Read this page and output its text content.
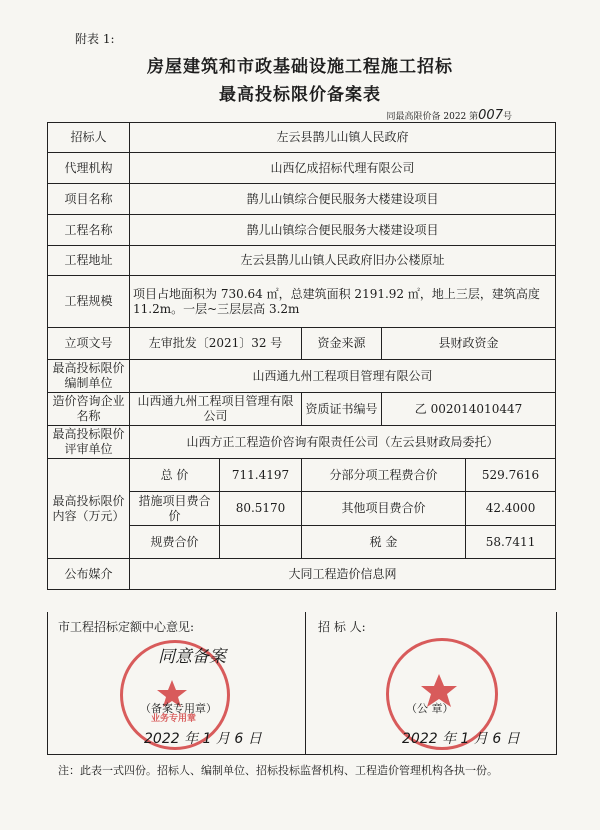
附表 1:
房屋建筑和市政基础设施工程施工招标
最高投标限价备案表
同最高限价备 2022 第007号
招标人	左云县鹊儿山镇人民政府				
代理机构	山西亿成招标代理有限公司				
项目名称	鹊儿山镇综合便民服务大楼建设项目				
工程名称	鹊儿山镇综合便民服务大楼建设项目				
工程地址	左云县鹊儿山镇人民政府旧办公楼原址				
工程规模	项目占地面积为 730.64 ㎡，总建筑面积 2191.92 ㎡，地上三层，建筑高度 11.2m。一层~三层层高 3.2m				
立项文号	左审批发〔2021〕32 号		资金来源	县财政资金	
最高投标限价编制单位	山西通九州工程项目管理有限公司				
造价咨询企业名称	山西通九州工程项目管理有限公司		资质证书编号	乙 002014010447	
最高投标限价评审单位	山西方正工程造价咨询有限责任公司（左云县财政局委托）				
最高投标限价内容（万元）	总 价	711.4197	分部分项工程费合价		529.7616
	措施项目费合 价	80.5170	其他项目费合价		42.4000
	规费合价		税 金		58.7411
公布媒介	大同工程造价信息网				
市工程招标定额中心意见:
业务专用章
同意备案
（备案专用章）
2022 年 1 月 6 日
招 标 人:
（公 章）
2022 年 1 月 6 日
注：此表一式四份。招标人、编制单位、招标投标监督机构、工程造价管理机构各执一份。
